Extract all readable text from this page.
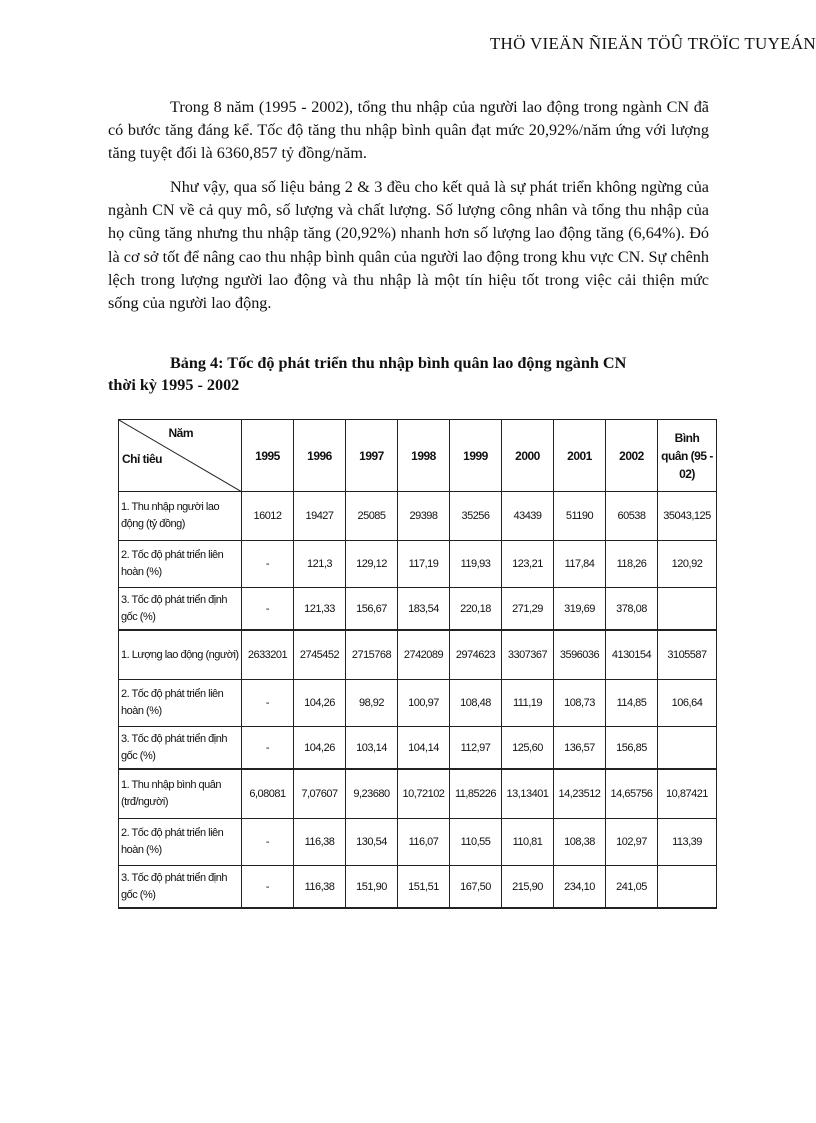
THÖ VIEÄN ÑIEÄN TÖÛ TRÖÏC TUYEÁN

Trong 8 năm (1995 - 2002), tổng thu nhập của người lao động trong ngành CN đã có bước tăng đáng kể. Tốc độ tăng thu nhập bình quân đạt mức 20,92%/năm ứng với lượng tăng tuyệt đối là 6360,857 tỷ đồng/năm.

Như vậy, qua số liệu bảng 2 & 3 đều cho kết quả là sự phát triển không ngừng của ngành CN về cả quy mô, số lượng và chất lượng. Số lượng công nhân và tổng thu nhập của họ cũng tăng nhưng thu nhập tăng (20,92%) nhanh hơn số lượng lao động tăng (6,64%). Đó là cơ sở tốt để nâng cao thu nhập bình quân của người lao động trong khu vực CN. Sự chênh lệch trong lượng người lao động và thu nhập là một tín hiệu tốt trong việc cải thiện mức sống của người lao động.

Bảng 4: Tốc độ phát triển thu nhập bình quân lao động ngành CN
thời kỳ 1995 - 2002
Năm
Chỉ tiêu	1995	1996	1997	1998	1999	2000	2001	2002	Bình quân (95 - 02)
1. Thu nhập người lao động (tỷ đồng)	16012	19427	25085	29398	35256	43439	51190	60538	35043,125
2. Tốc độ phát triển liên hoàn (%)	-	121,3	129,12	117,19	119,93	123,21	117,84	118,26	120,92
3. Tốc độ phát triển định gốc (%)	-	121,33	156,67	183,54	220,18	271,29	319,69	378,08	
1. Lượng lao động (người)	2633201	2745452	2715768	2742089	2974623	3307367	3596036	4130154	3105587
2. Tốc độ phát triển liên hoàn (%)	-	104,26	98,92	100,97	108,48	111,19	108,73	114,85	106,64
3. Tốc độ phát triển định gốc (%)	-	104,26	103,14	104,14	112,97	125,60	136,57	156,85	
1. Thu nhập bình quân (trđ/người)	6,08081	7,07607	9,23680	10,72102	11,85226	13,13401	14,23512	14,65756	10,87421
2. Tốc độ phát triển liên hoàn (%)	-	116,38	130,54	116,07	110,55	110,81	108,38	102,97	113,39
3. Tốc độ phát triển định gốc (%)	-	116,38	151,90	151,51	167,50	215,90	234,10	241,05	
